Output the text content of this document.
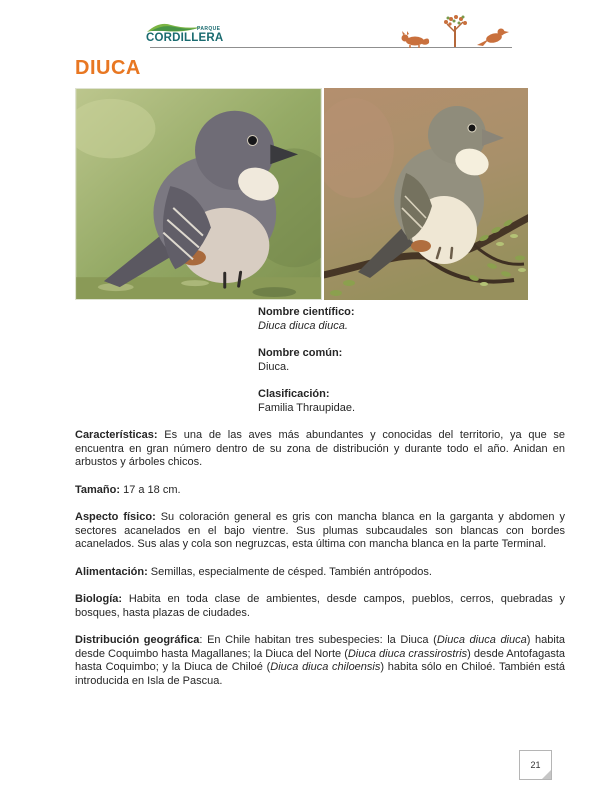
PARQUE
CORDILLERA
DIUCA

Nombre científico:
Diuca diuca diuca.

Nombre común:
Diuca.

Clasificación:
Familia Thraupidae.

Características: Es una de las aves más abundantes y conocidas del territorio, ya que se encuentra en gran número dentro de su zona de distribución y durante todo el año. Anidan en arbustos y árboles chicos.

Tamaño: 17 a 18 cm.

Aspecto físico: Su coloración general es gris con mancha blanca en la garganta y abdomen y sectores acanelados en el bajo vientre. Sus plumas subcaudales son blancas con bordes acanelados. Sus alas y cola son negruzcas, esta última con mancha blanca en la parte Terminal.

Alimentación: Semillas, especialmente de césped. También antrópodos.

Biología: Habita en toda clase de ambientes, desde campos, pueblos, cerros, quebradas y bosques, hasta plazas de ciudades.

Distribución geográfica: En Chile habitan tres subespecies: la Diuca (Diuca diuca diuca) habita desde Coquimbo hasta Magallanes; la Diuca del Norte (Diuca diuca crassirostris) desde Antofagasta hasta Coquimbo; y la Diuca de Chiloé (Diuca diuca chiloensis) habita sólo en Chiloé. También está introducida en Isla de Pascua.

21
